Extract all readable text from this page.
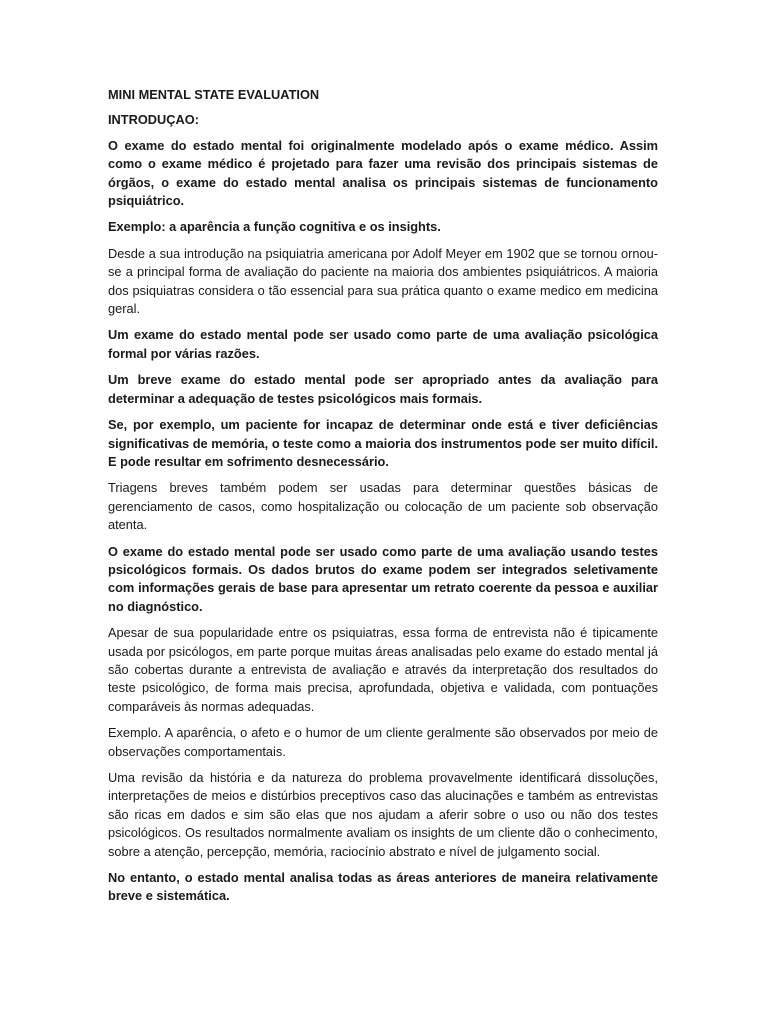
MINI MENTAL STATE EVALUATION

INTRODUÇAO:

O exame do estado mental foi originalmente modelado após o exame médico. Assim como o exame médico é projetado para fazer uma revisão dos principais sistemas de órgãos, o exame do estado mental analisa os principais sistemas de funcionamento psiquiátrico.

Exemplo: a aparência a função cognitiva e os insights.

Desde a sua introdução na psiquiatria americana por Adolf Meyer em 1902 que se tornou ornou-se a principal forma de avaliação do paciente na maioria dos ambientes psiquiátricos. A maioria dos psiquiatras considera o tão essencial para sua prática quanto o exame medico em medicina geral.

Um exame do estado mental pode ser usado como parte de uma avaliação psicológica formal por várias razões.

Um breve exame do estado mental pode ser apropriado antes da avaliação para determinar a adequação de testes psicológicos mais formais.

Se, por exemplo, um paciente for incapaz de determinar onde está e tiver deficiências significativas de memória, o teste como a maioria dos instrumentos pode ser muito difícil. E pode resultar em sofrimento desnecessário.

Triagens breves também podem ser usadas para determinar questões básicas de gerenciamento de casos, como hospitalização ou colocação de um paciente sob observação atenta.

O exame do estado mental pode ser usado como parte de uma avaliação usando testes psicológicos formais. Os dados brutos do exame podem ser integrados seletivamente com informações gerais de base para apresentar um retrato coerente da pessoa e auxiliar no diagnóstico.

Apesar de sua popularidade entre os psiquiatras, essa forma de entrevista não é tipicamente usada por psicólogos, em parte porque muitas áreas analisadas pelo exame do estado mental já são cobertas durante a entrevista de avaliação e através da interpretação dos resultados do teste psicológico, de forma mais precisa, aprofundada, objetiva e validada, com pontuações comparáveis às normas adequadas.

Exemplo. A aparência, o afeto e o humor de um cliente geralmente são observados por meio de observações comportamentais.

Uma revisão da história e da natureza do problema provavelmente identificará dissoluções, interpretações de meios e distúrbios preceptivos caso das alucinações e também as entrevistas são ricas em dados e sim são elas que nos ajudam a aferir sobre o uso ou não dos testes psicológicos. Os resultados normalmente avaliam os insights de um cliente dão o conhecimento, sobre a atenção, percepção, memória, raciocínio abstrato e nível de julgamento social.

No entanto, o estado mental analisa todas as áreas anteriores de maneira relativamente breve e sistemática.
